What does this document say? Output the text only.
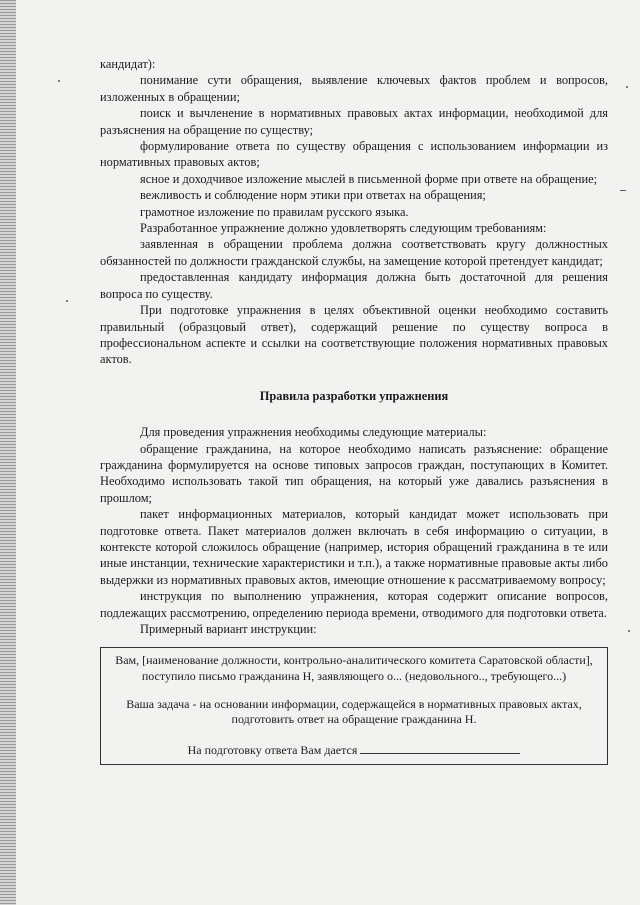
кандидат):

понимание сути обращения, выявление ключевых фактов проблем и вопросов, изложенных в обращении;

поиск и вычленение в нормативных правовых актах информации, необходимой для разъяснения на обращение по существу;

формулирование ответа по существу обращения с использованием информации из нормативных правовых актов;

ясное и доходчивое изложение мыслей в письменной форме при ответе на обращение;

вежливость и соблюдение норм этики при ответах на обращения;

грамотное изложение по правилам русского языка.

Разработанное упражнение должно удовлетворять следующим требованиям:

заявленная в обращении проблема должна соответствовать кругу должностных обязанностей по должности гражданской службы, на замещение которой претендует кандидат;

предоставленная кандидату информация должна быть достаточной для решения вопроса по существу.

При подготовке упражнения в целях объективной оценки необходимо составить правильный (образцовый ответ), содержащий решение по существу вопроса в профессиональном аспекте и ссылки на соответствующие положения нормативных правовых актов.

Правила разработки упражнения

Для проведения упражнения необходимы следующие материалы:

обращение гражданина, на которое необходимо написать разъяснение: обращение гражданина формулируется на основе типовых запросов граждан, поступающих в Комитет. Необходимо использовать такой тип обращения, на который уже давались разъяснения в прошлом;

пакет информационных материалов, который кандидат может использовать при подготовке ответа. Пакет материалов должен включать в себя информацию о ситуации, в контексте которой сложилось обращение (например, история обращений гражданина в те или иные инстанции, технические характеристики и т.п.), а также нормативные правовые акты либо выдержки из нормативных правовых актов, имеющие отношение к рассматриваемому вопросу;

инструкция по выполнению упражнения, которая содержит описание вопросов, подлежащих рассмотрению, определению периода времени, отводимого для подготовки ответа.

Примерный вариант инструкции:

Вам, [наименование должности, контрольно-аналитического комитета Саратовской области], поступило письмо гражданина Н, заявляющего о... (недовольного.., требующего...)

Ваша задача - на основании информации, содержащейся в нормативных правовых актах, подготовить ответ на обращение гражданина Н.

На подготовку ответа Вам дается
